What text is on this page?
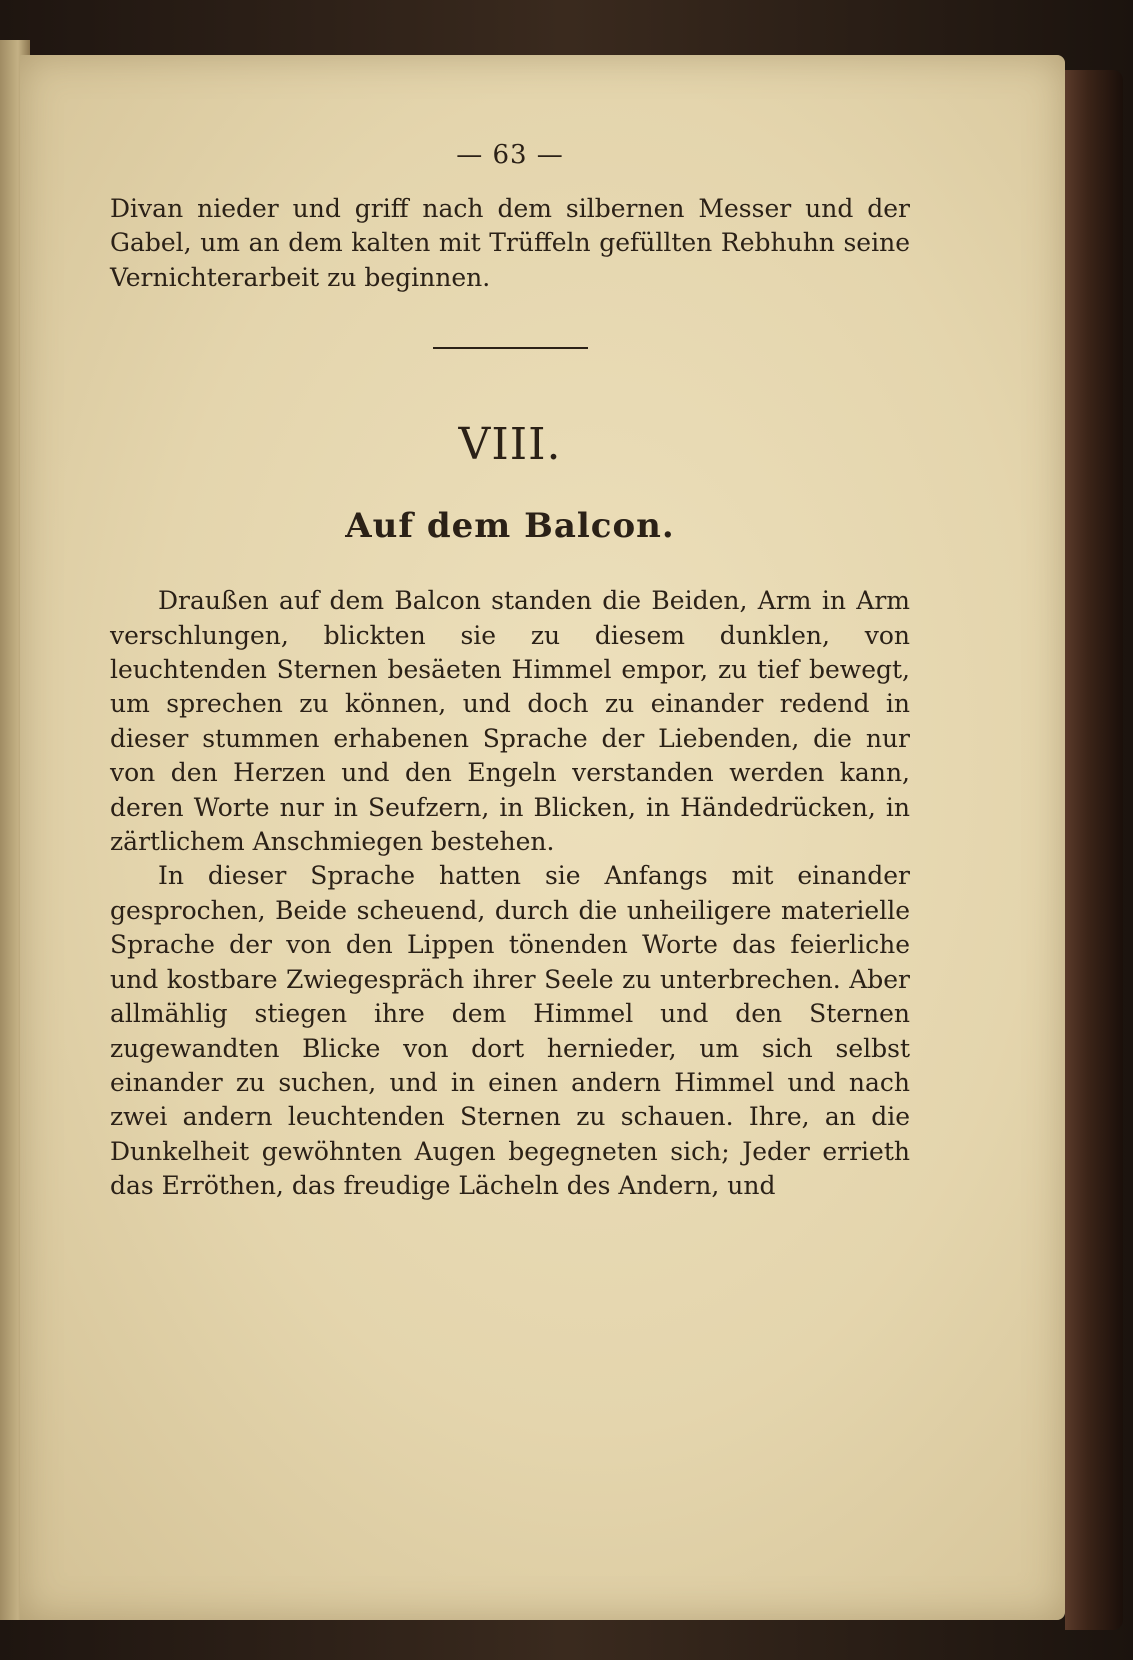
— 63 —

Divan nieder und griff nach dem silbernen Messer und der Gabel, um an dem kalten mit Trüffeln gefüllten Rebhuhn seine Vernichterarbeit zu beginnen.

VIII.
Auf dem Balcon.

Draußen auf dem Balcon standen die Beiden, Arm in Arm verschlungen, blickten sie zu diesem dunklen, von leuchtenden Sternen besäeten Himmel empor, zu tief bewegt, um sprechen zu können, und doch zu einander redend in dieser stummen erhabenen Sprache der Liebenden, die nur von den Herzen und den Engeln verstanden werden kann, deren Worte nur in Seufzern, in Blicken, in Händedrücken, in zärtlichem Anschmiegen bestehen.

In dieser Sprache hatten sie Anfangs mit einander gesprochen, Beide scheuend, durch die unheiligere materielle Sprache der von den Lippen tönenden Worte das feierliche und kostbare Zwiegespräch ihrer Seele zu unterbrechen. Aber allmählig stiegen ihre dem Himmel und den Sternen zugewandten Blicke von dort hernieder, um sich selbst einander zu suchen, und in einen andern Himmel und nach zwei andern leuchtenden Sternen zu schauen. Ihre, an die Dunkelheit gewöhnten Augen begegneten sich; Jeder errieth das Erröthen, das freudige Lächeln des Andern, und
